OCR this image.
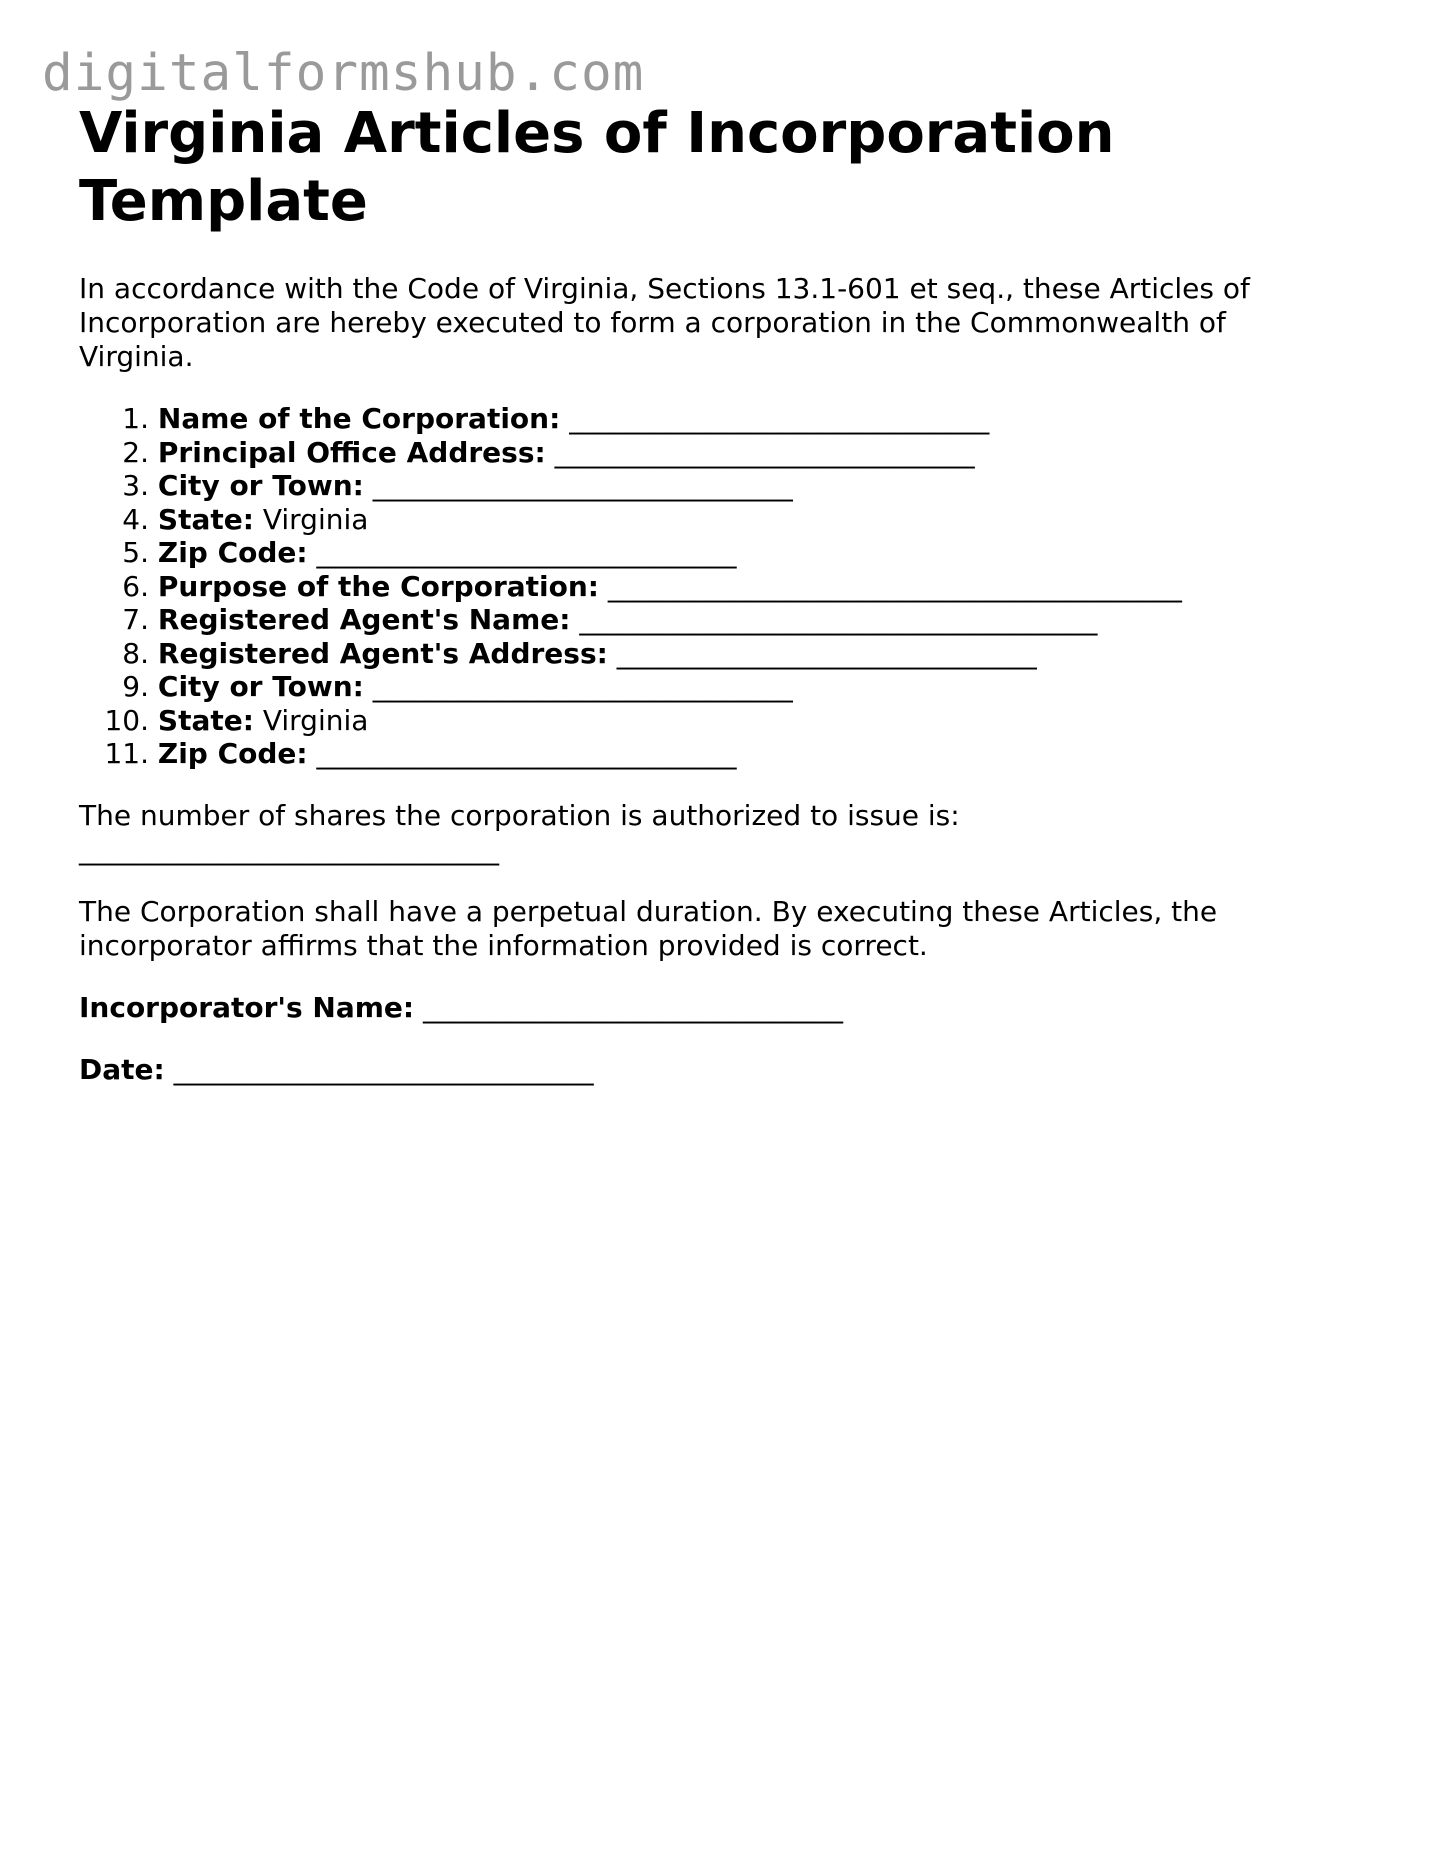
digitalformshub.com
Virginia Articles of Incorporation Template

In accordance with the Code of Virginia, Sections 13.1-601 et seq., these Articles of Incorporation are hereby executed to form a corporation in the Commonwealth of Virginia.

1.
Name of the Corporation:
______________________________
2.
Principal Office Address:
______________________________
3.
City or Town:
______________________________
4.
State:
Virginia
5.
Zip Code:
______________________________
6.
Purpose of the Corporation:
_________________________________________
7.
Registered Agent's Name:
_____________________________________
8.
Registered Agent's Address:
______________________________
9.
City or Town:
______________________________
10.
State:
Virginia
11.
Zip Code:
______________________________

The number of shares the corporation is authorized to issue is:

______________________________

The Corporation shall have a perpetual duration. By executing these Articles, the incorporator affirms that the information provided is correct.

Incorporator's Name: ______________________________

Date: ______________________________
